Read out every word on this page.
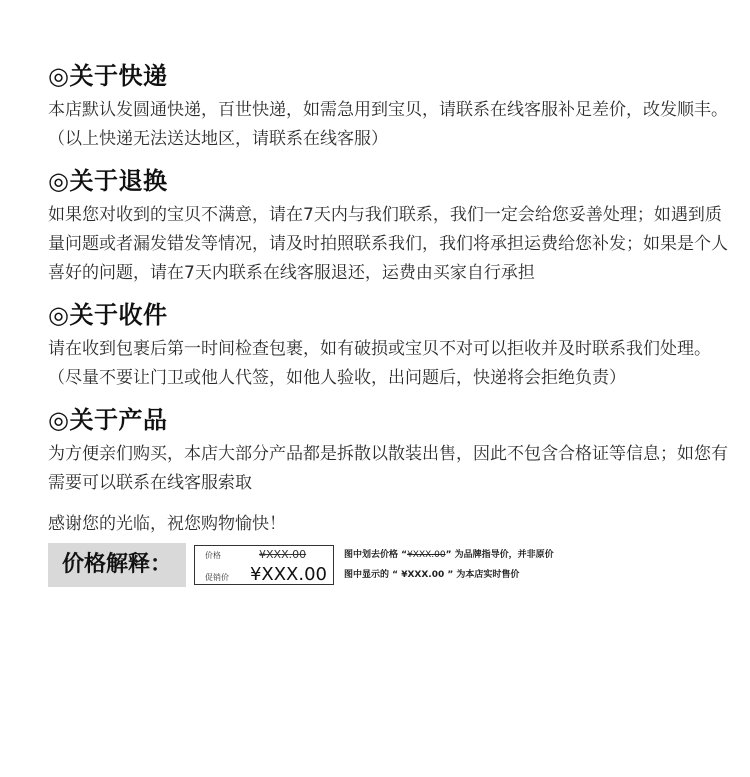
◎关于快递

本店默认发圆通快递，百世快递，如需急用到宝贝，请联系在线客服补足差价，改发顺丰。（以上快递无法送达地区，请联系在线客服）

◎关于退换

如果您对收到的宝贝不满意，请在7天内与我们联系，我们一定会给您妥善处理；如遇到质量问题或者漏发错发等情况，请及时拍照联系我们，我们将承担运费给您补发；如果是个人喜好的问题，请在7天内联系在线客服退还，运费由买家自行承担

◎关于收件

请在收到包裹后第一时间检查包裹，如有破损或宝贝不对可以拒收并及时联系我们处理。（尽量不要让门卫或他人代签，如他人验收，出问题后，快递将会拒绝负责）

◎关于产品

为方便亲们购买，本店大部分产品都是拆散以散装出售，因此不包含合格证等信息；如您有需要可以联系在线客服索取

感谢您的光临，祝您购物愉快！
价格解释：	价格	¥XXX.00
促销价	¥XXX.00
图中划去价格 “¥XXX.00” 为品牌指导价，并非原价
图中显示的 “ ¥XXX.00 ” 为本店实时售价
